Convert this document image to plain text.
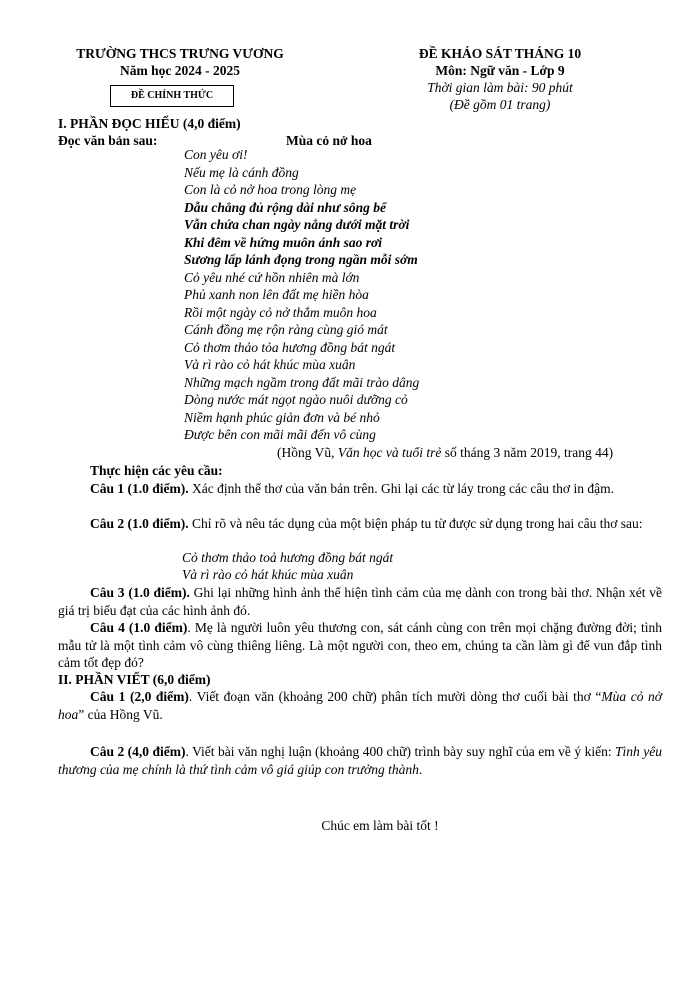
TRƯỜNG THCS TRƯNG VƯƠNG
Năm học 2024 - 2025
ĐỀ CHÍNH THỨC
ĐỀ KHẢO SÁT THÁNG 10
Môn: Ngữ văn - Lớp 9
Thời gian làm bài: 90 phút
(Đề gồm 01 trang)
I. PHẦN ĐỌC HIỂU (4,0 điểm)
Đọc văn bản sau:	Mùa cỏ nở hoa
Con yêu ơi!
Nếu mẹ là cánh đồng
Con là cỏ nở hoa trong lòng mẹ
Dẫu chẳng đủ rộng dài như sông bể
Vẫn chứa chan ngày nắng dưới mặt trời
Khi đêm về hứng muôn ánh sao rơi
Sương lấp lánh đọng trong ngần mỗi sớm
Cỏ yêu nhé cứ hồn nhiên mà lớn
Phủ xanh non lên đất mẹ hiền hòa
Rồi một ngày cỏ nở thắm muôn hoa
Cánh đồng mẹ rộn ràng cùng gió mát
Cỏ thơm thảo tỏa hương đồng bát ngát
Và rì rào cỏ hát khúc mùa xuân
Những mạch ngầm trong đất mãi trào dâng
Dòng nước mát ngọt ngào nuôi dưỡng cỏ
Niềm hạnh phúc giản đơn và bé nhỏ
Được bên con mãi mãi đến vô cùng
(Hồng Vũ, Văn học và tuổi trẻ số tháng 3 năm 2019, trang 44)
Thực hiện các yêu cầu:
Câu 1 (1.0 điểm). Xác định thể thơ của văn bản trên. Ghi lại các từ láy trong các câu thơ in đậm.
Câu 2 (1.0 điểm). Chỉ rõ và nêu tác dụng của một biện pháp tu từ được sử dụng trong hai câu thơ sau:
Cỏ thơm thảo toả hương đồng bát ngát
Và rì rào cỏ hát khúc mùa xuân
Câu 3 (1.0 điểm). Ghi lại những hình ảnh thể hiện tình cảm của mẹ dành con trong bài thơ. Nhận xét về giá trị biểu đạt của các hình ảnh đó.
Câu 4 (1.0 điểm). Mẹ là người luôn yêu thương con, sát cánh cùng con trên mọi chặng đường đời; tình mẫu tử là một tình cảm vô cùng thiêng liêng. Là một người con, theo em, chúng ta cần làm gì để vun đắp tình cảm tốt đẹp đó?
II. PHẦN VIẾT (6,0 điểm)
Câu 1 (2,0 điểm). Viết đoạn văn (khoảng 200 chữ) phân tích mười dòng thơ cuối bài thơ “Mùa cỏ nở hoa” của Hồng Vũ.
Câu 2 (4,0 điểm). Viết bài văn nghị luận (khoảng 400 chữ) trình bày suy nghĩ của em về ý kiến: Tình yêu thương của mẹ chính là thứ tình cảm vô giá giúp con trưởng thành.
Chúc em làm bài tốt !
